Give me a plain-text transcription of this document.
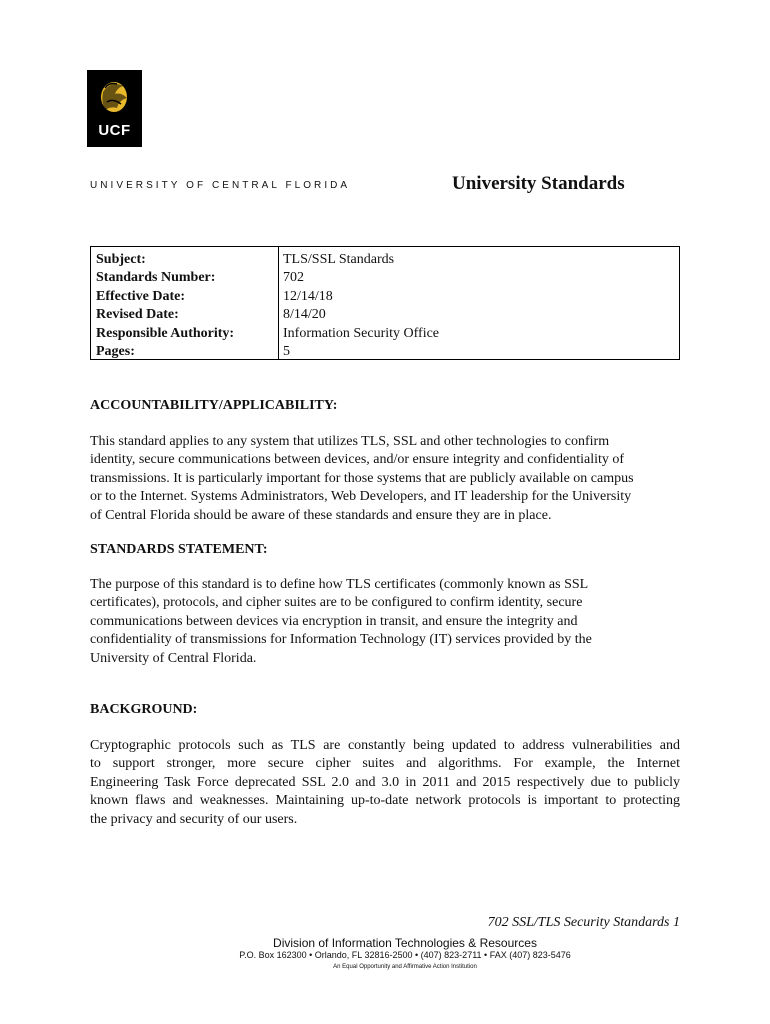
UCF
UNIVERSITY OF CENTRAL FLORIDA	University Standards
Subject:
Standards Number:
Effective Date:
Revised Date:
Responsible Authority:
Pages:
TLS/SSL Standards
702
12/14/18
8/14/20
Information Security Office
5
ACCOUNTABILITY/APPLICABILITY:
This standard applies to any system that utilizes TLS, SSL and other technologies to confirm
identity, secure communications between devices, and/or ensure integrity and confidentiality of
transmissions. It is particularly important for those systems that are publicly available on campus
or to the Internet. Systems Administrators, Web Developers, and IT leadership for the University
of Central Florida should be aware of these standards and ensure they are in place.
STANDARDS STATEMENT:
The purpose of this standard is to define how TLS certificates (commonly known as SSL
certificates), protocols, and cipher suites are to be configured to confirm identity, secure
communications between devices via encryption in transit, and ensure the integrity and
confidentiality of transmissions for Information Technology (IT) services provided by the
University of Central Florida.
BACKGROUND:
Cryptographic protocols such as TLS are constantly being updated to address vulnerabilities and
to support stronger, more secure cipher suites and algorithms. For example, the Internet
Engineering Task Force deprecated SSL 2.0 and 3.0 in 2011 and 2015 respectively due to publicly
known flaws and weaknesses. Maintaining up-to-date network protocols is important to protecting
the privacy and security of our users.
702 SSL/TLS Security Standards 1
Division of Information Technologies & Resources
P.O. Box 162300 • Orlando, FL 32816-2500 • (407) 823-2711 • FAX (407) 823-5476
An Equal Opportunity and Affirmative Action Institution
